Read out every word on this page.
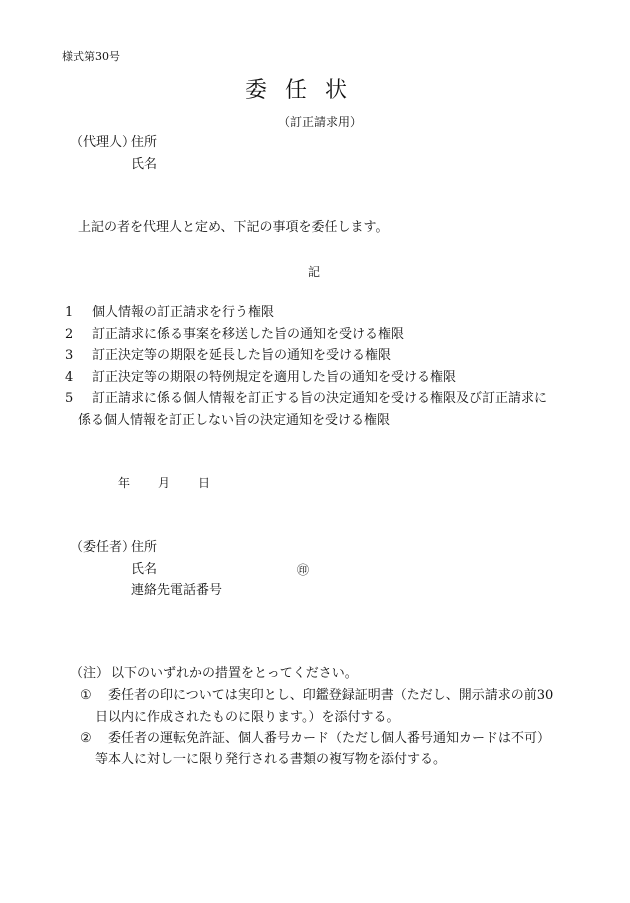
様式第30号
委任状
（訂正請求用）
（代理人）
住所
氏名
上記の者を代理人と定め、下記の事項を委任します。
記
1 個人情報の訂正請求を行う権限
2 訂正請求に係る事案を移送した旨の通知を受ける権限
3 訂正決定等の期限を延長した旨の通知を受ける権限
4 訂正決定等の期限の特例規定を適用した旨の通知を受ける権限
5 訂正請求に係る個人情報を訂正する旨の決定通知を受ける権限及び訂正請求に
係る個人情報を訂正しない旨の決定通知を受ける権限
年 月 日
（委任者）
住所
氏名	㊞
連絡先電話番号
（注） 以下のいずれかの措置をとってください。
① 委任者の印については実印とし、印鑑登録証明書（ただし、開示請求の前30
日以内に作成されたものに限ります。）を添付する。
② 委任者の運転免許証、個人番号カード（ただし個人番号通知カードは不可）
等本人に対し一に限り発行される書類の複写物を添付する。
